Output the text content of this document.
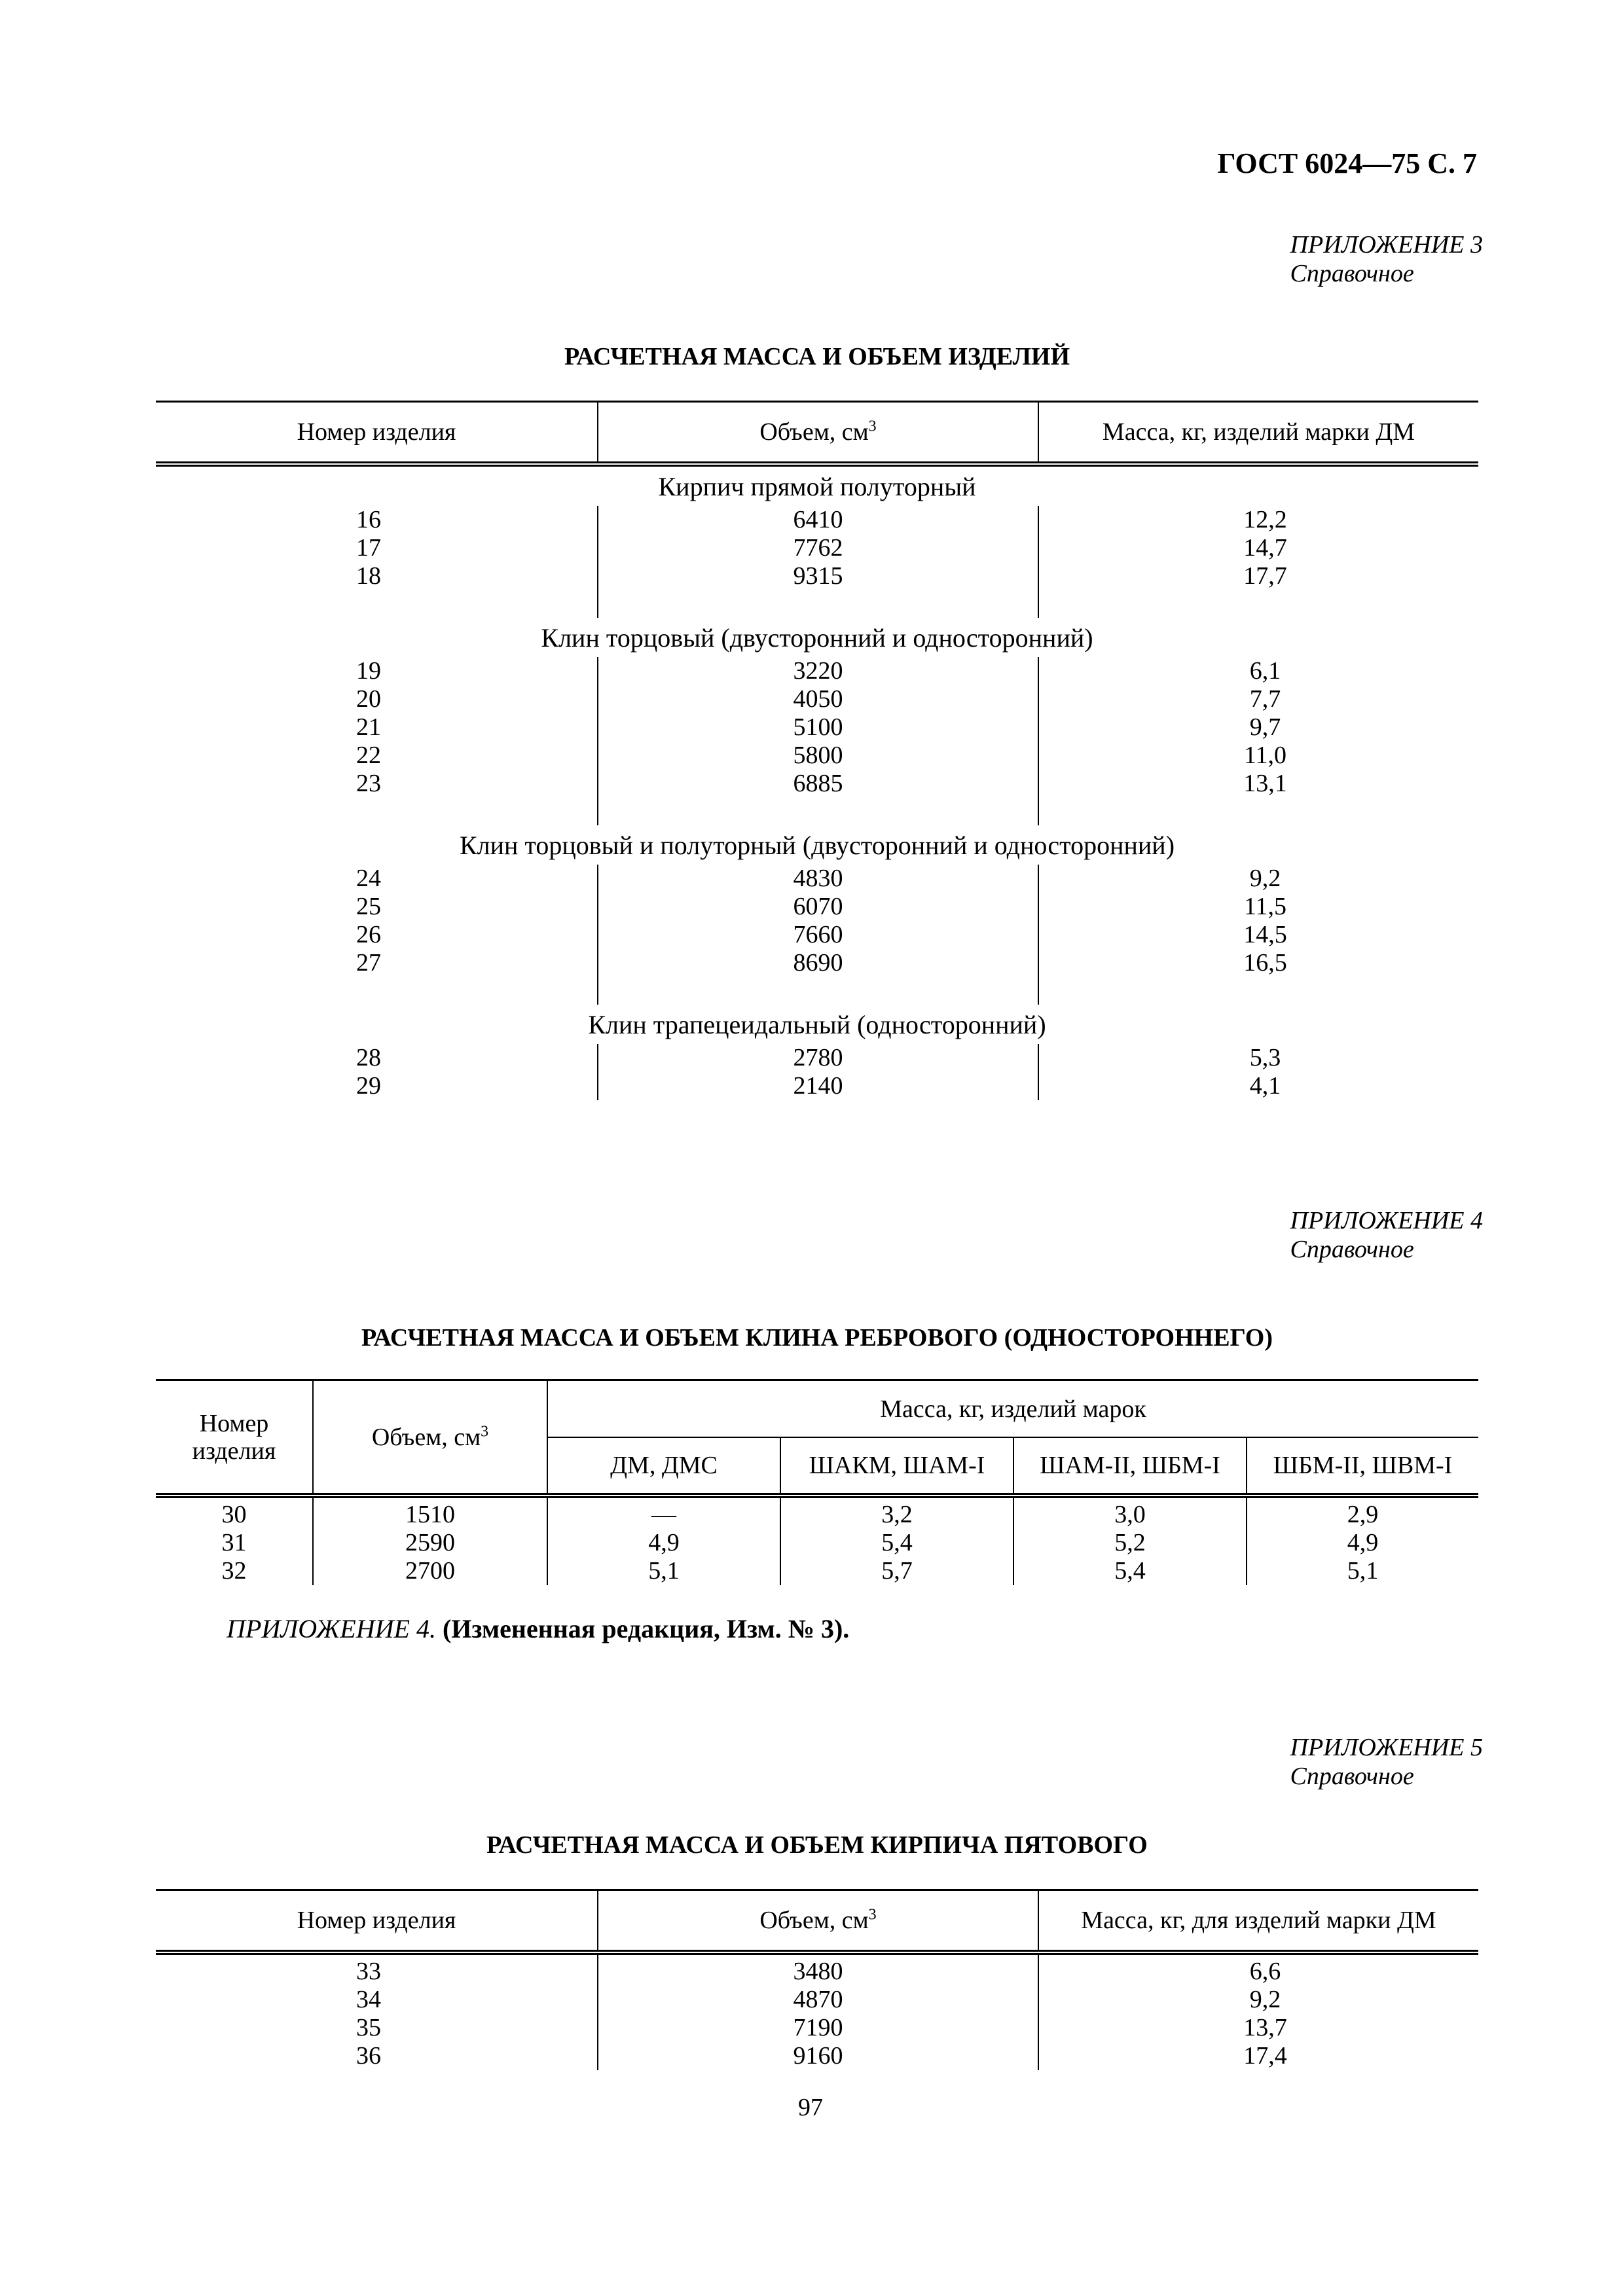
ГОСТ 6024—75 С. 7
ПРИЛОЖЕНИЕ 3
Справочное
РАСЧЕТНАЯ МАССА И ОБЪЕМ ИЗДЕЛИЙ
Номер изделия	Объем, $см^3$	Масса, кг, изделий марки ДМ
Кирпич прямой полуторный		
16	6410	12,2
17	7762	14,7
18	9315	17,7

Клин торцовый (двусторонний и односторонний)		
19	3220	6,1
20	4050	7,7
21	5100	9,7
22	5800	11,0
23	6885	13,1

Клин торцовый и полуторный (двусторонний и односторонний)		
24	4830	9,2
25	6070	11,5
26	7660	14,5
27	8690	16,5

Клин трапецеидальный (односторонний)		
28	2780	5,3
29	2140	4,1
ПРИЛОЖЕНИЕ 4
Справочное
РАСЧЕТНАЯ МАССА И ОБЪЕМ КЛИНА РЕБРОВОГО (ОДНОСТОРОННЕГО)
Номер изделия	Объем, $см^3$	Масса, кг, изделий марок			
		ДМ, ДМС	ШАКМ, ШАМ-I	ШАМ-II, ШБМ-I	ШБМ-II, ШВМ-I
30	1510	—	3,2	3,0	2,9
31	2590	4,9	5,4	5,2	4,9
32	2700	5,1	5,7	5,4	5,1
ПРИЛОЖЕНИЕ 4. (Измененная редакция, Изм. № 3).
ПРИЛОЖЕНИЕ 5
Справочное
РАСЧЕТНАЯ МАССА И ОБЪЕМ КИРПИЧА ПЯТОВОГО
Номер изделия	Объем, $см^3$	Масса, кг, для изделий марки ДМ
33	3480	6,6
34	4870	9,2
35	7190	13,7
36	9160	17,4
97
